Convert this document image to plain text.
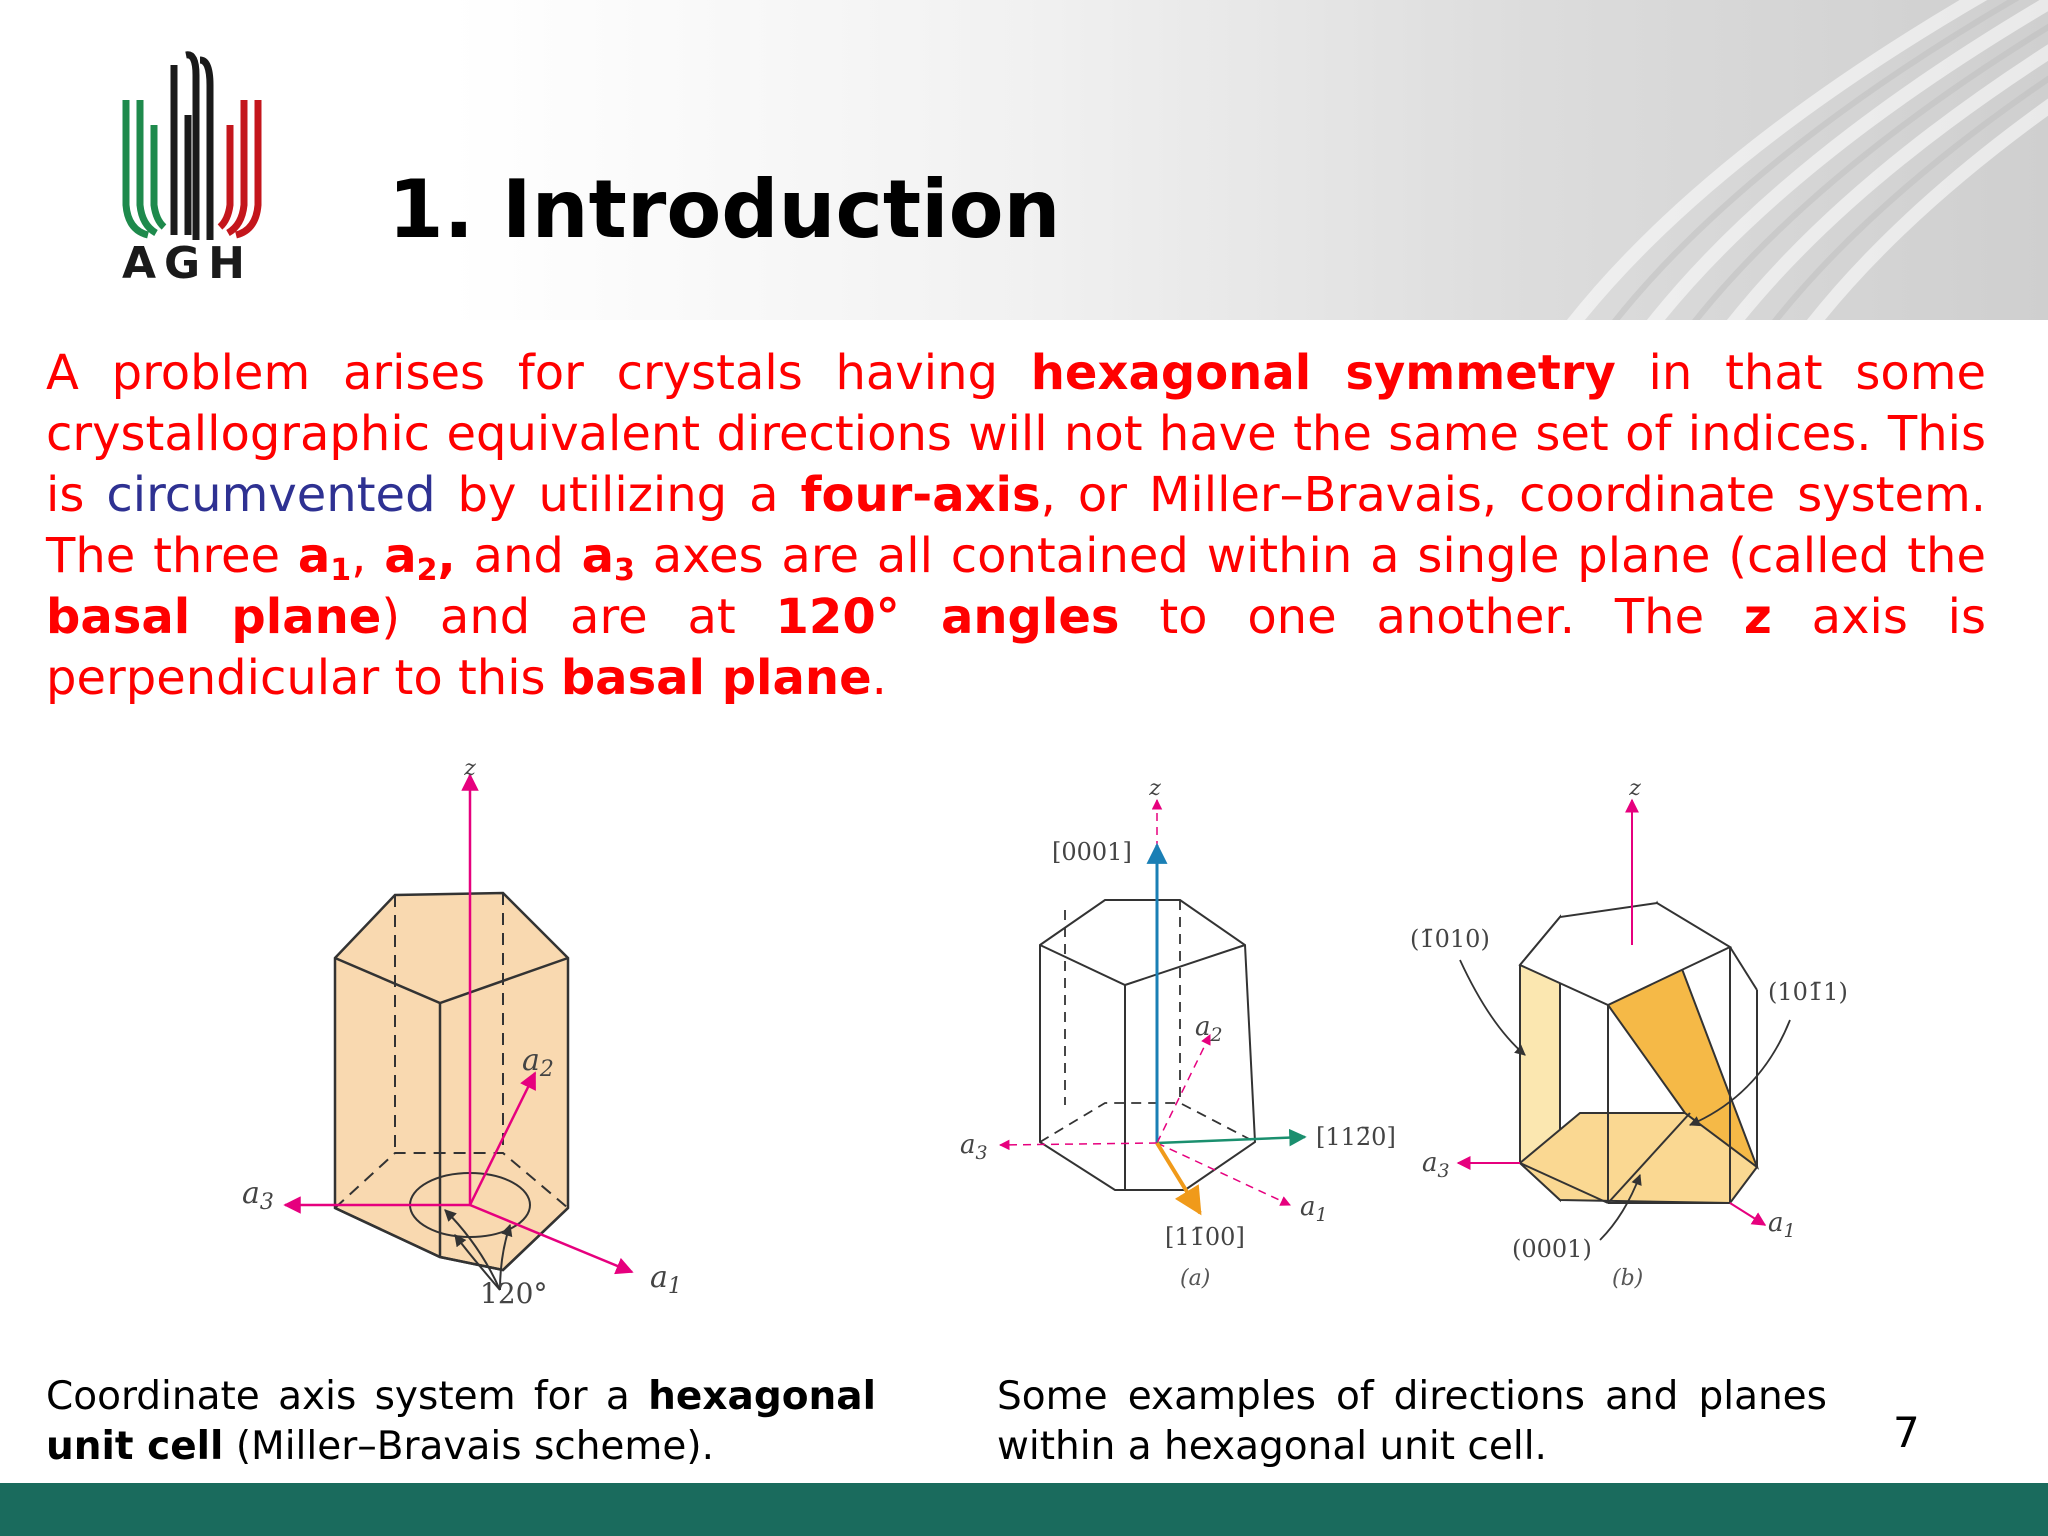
AGH
1. Introduction

A problem arises for crystals having hexagonal symmetry in that some crystallographic equivalent directions will not have the same set of indices. This is circumvented by utilizing a four-axis, or Miller–Bravais, coordinate system. The three $a_1$, $a_2$, and $a_3$ axes are all contained within a single plane (called the basal plane) and are at 120° angles to one another. The z axis is perpendicular to this basal plane.

z
$a_2$
$a_3$
$a_1$
120°
z
[0001]
$a_2$
$a_3$
[112̄0]
$a_1$
[11̄00]
(a)
z
(1̄010)
(101̄1)
$a_3$
$a_1$
(0001)
(b)

Coordinate axis system for a hexagonal unit cell (Miller–Bravais scheme).

Some examples of directions and planes within a hexagonal unit cell.	7
